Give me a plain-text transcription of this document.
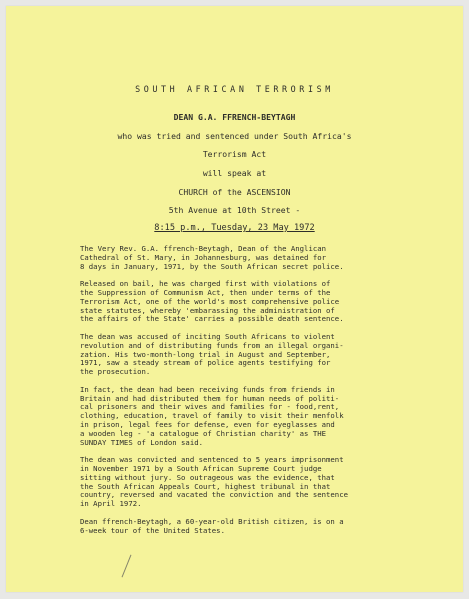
SOUTH AFRICAN TERRORISM
DEAN G.A. FFRENCH-BEYTAGH
who was tried and sentenced under South Africa's
Terrorism Act
will speak at
CHURCH of the ASCENSION
5th Avenue at 10th Street -
8:15 p.m., Tuesday, 23 May 1972
The Very Rev. G.A. ffrench-Beytagh, Dean of the Anglican
Cathedral of St. Mary, in Johannesburg, was detained for
8 days in January, 1971, by the South African secret police.
Released on bail, he was charged first with violations of
the Suppression of Communism Act, then under terms of the
Terrorism Act, one of the world's most comprehensive police
state statutes, whereby 'embarassing the administration of
the affairs of the State' carries a possible death sentence.
The dean was accused of inciting South Africans to violent
revolution and of distributing funds from an illegal organi-
zation. His two-month-long trial in August and September,
1971, saw a steady stream of police agents testifying for
the prosecution.
In fact, the dean had been receiving funds from friends in
Britain and had distributed them for human needs of politi-
cal prisoners and their wives and families for - food,rent,
clothing, education, travel of family to visit their menfolk
in prison, legal fees for defense, even for eyeglasses and
a wooden leg - 'a catalogue of Christian charity' as THE
SUNDAY TIMES of London said.
The dean was convicted and sentenced to 5 years imprisonment
in November 1971 by a South African Supreme Court judge
sitting without jury. So outrageous was the evidence, that
the South African Appeals Court, highest tribunal in that
country, reversed and vacated the conviction and the sentence
in April 1972.
Dean ffrench-Beytagh, a 60-year-old British citizen, is on a
6-week tour of the United States.
